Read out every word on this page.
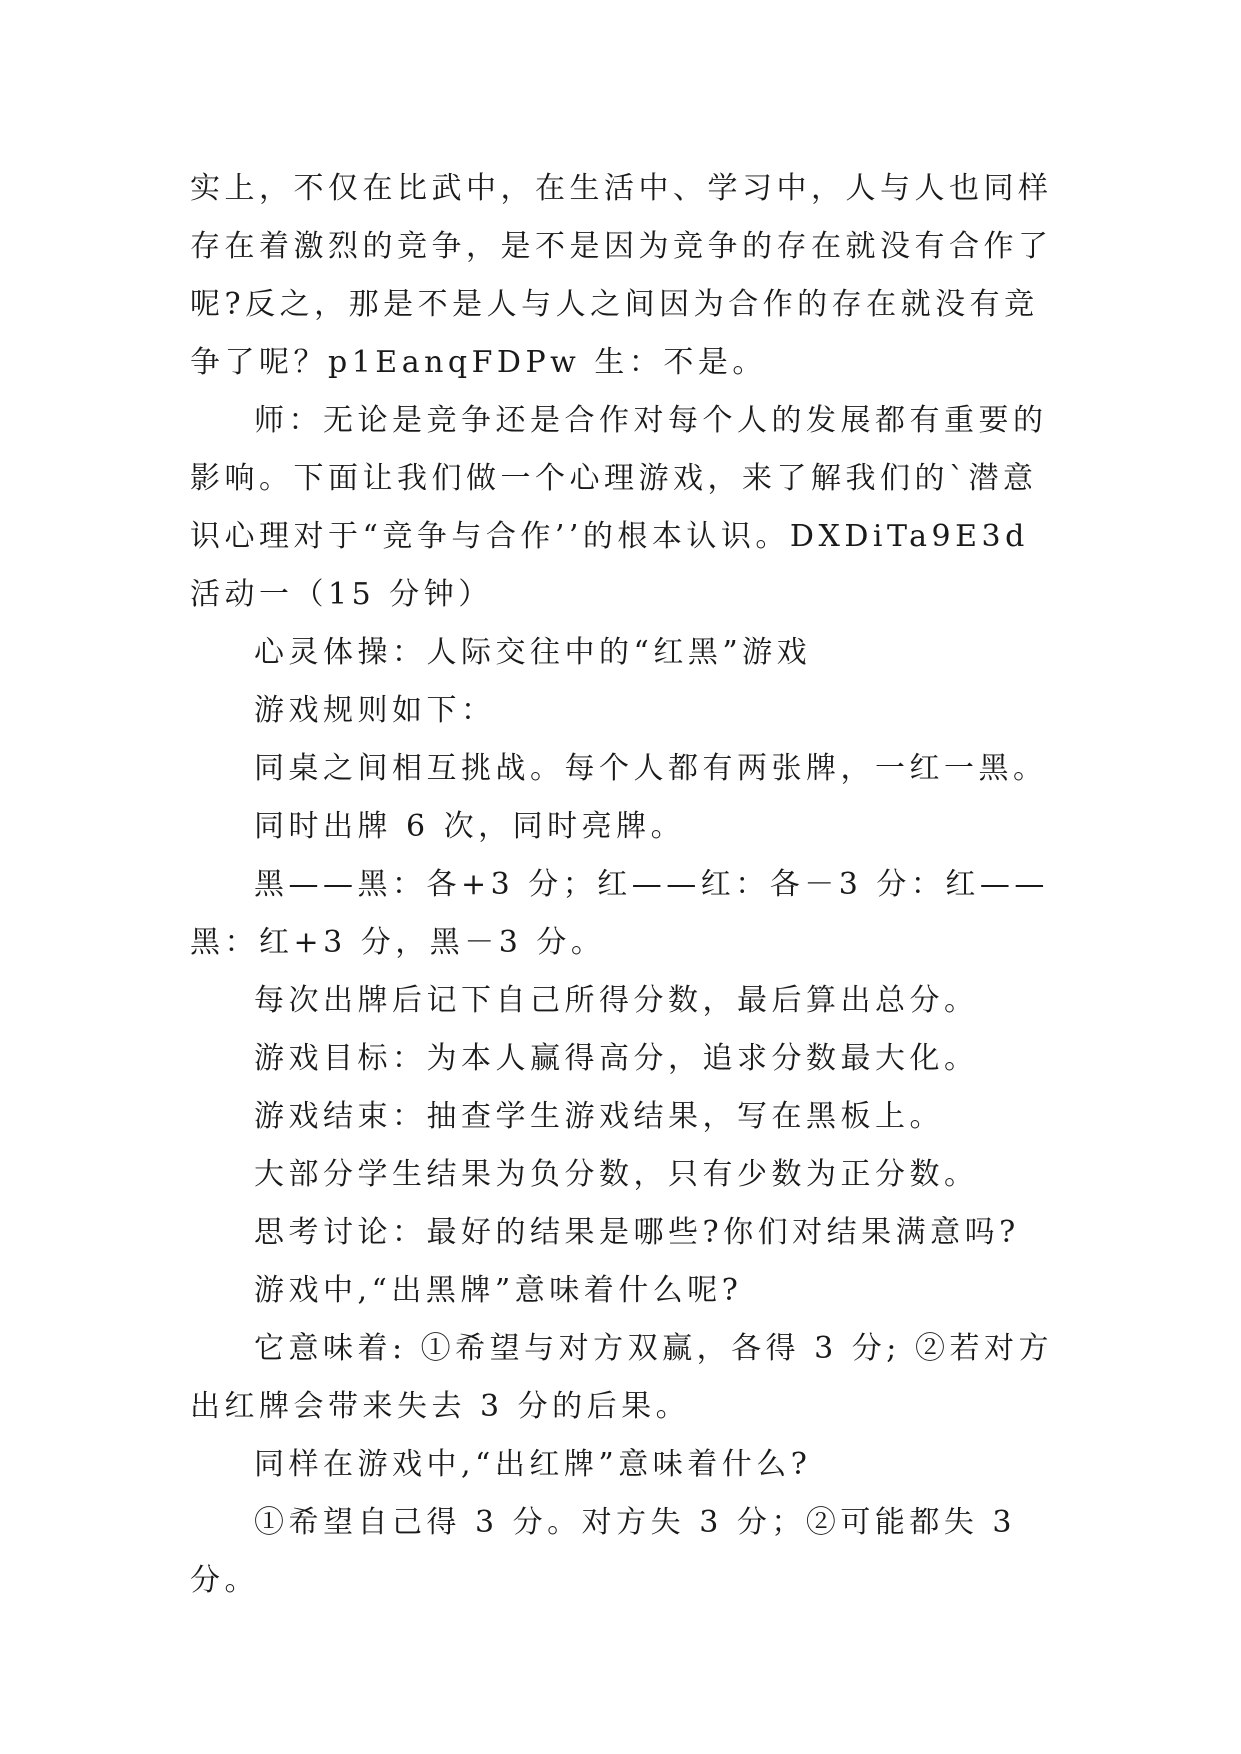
实上，不仅在比武中，在生活中、学习中，人与人也同样存在着激烈的竞争，是不是因为竞争的存在就没有合作了呢?反之，那是不是人与人之间因为合作的存在就没有竞争了呢？p1EanqFDPw 生：不是。

师：无论是竞争还是合作对每个人的发展都有重要的影响。下面让我们做一个心理游戏，来了解我们的`潜意识心理对于“竞争与合作’’的根本认识。DXDiTa9E3d 活动一（15 分钟）

心灵体操：人际交往中的“红黑”游戏

游戏规则如下：

同桌之间相互挑战。每个人都有两张牌，一红一黑。

同时出牌 6 次，同时亮牌。

黑——黑：各+3 分；红——红：各－3 分：红——黑：红+3 分，黑－3 分。

每次出牌后记下自己所得分数，最后算出总分。

游戏目标：为本人赢得高分，追求分数最大化。

游戏结束：抽查学生游戏结果，写在黑板上。

大部分学生结果为负分数，只有少数为正分数。

思考讨论：最好的结果是哪些?你们对结果满意吗?

游戏中,“出黑牌”意味着什么呢?

它意味着: ①希望与对方双赢，各得 3 分; ②若对方出红牌会带来失去 3 分的后果。

同样在游戏中,“出红牌”意味着什么?

①希望自己得 3 分。对方失 3 分；②可能都失 3 分。
